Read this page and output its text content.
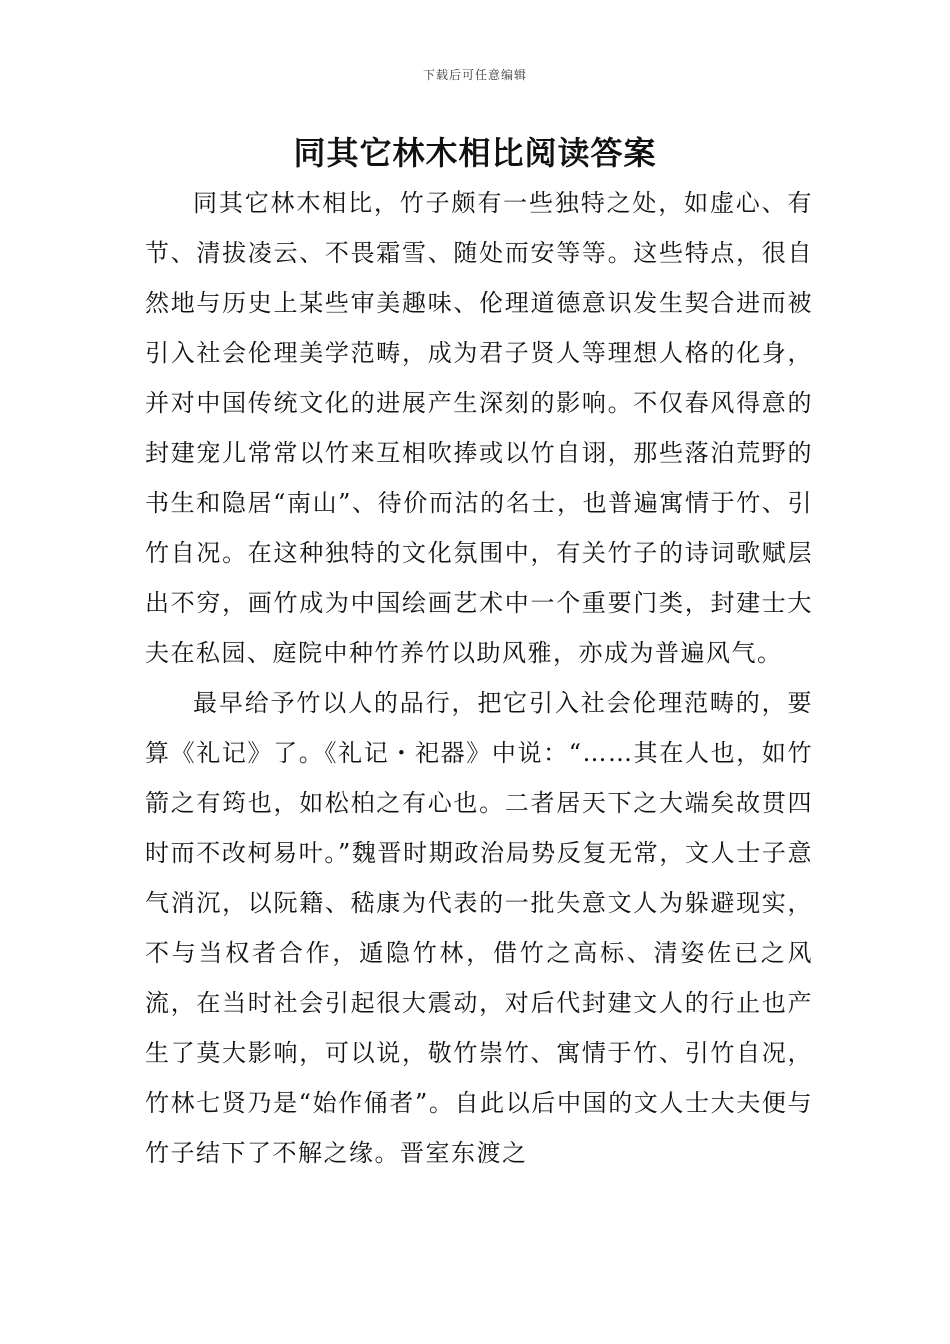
下载后可任意编辑
同其它林木相比阅读答案

同其它林木相比，竹子颇有一些独特之处，如虚心、有节、清拔凌云、不畏霜雪、随处而安等等。这些特点，很自然地与历史上某些审美趣味、伦理道德意识发生契合进而被引入社会伦理美学范畴，成为君子贤人等理想人格的化身，并对中国传统文化的进展产生深刻的影响。不仅春风得意的封建宠儿常常以竹来互相吹捧或以竹自诩，那些落泊荒野的书生和隐居“南山”、待价而沽的名士，也普遍寓情于竹、引竹自况。在这种独特的文化氛围中，有关竹子的诗词歌赋层出不穷，画竹成为中国绘画艺术中一个重要门类，封建士大夫在私园、庭院中种竹养竹以助风雅，亦成为普遍风气。

最早给予竹以人的品行，把它引入社会伦理范畴的，要算《礼记》了。《礼记・祀器》中说：“……其在人也，如竹箭之有筠也，如松柏之有心也。二者居天下之大端矣故贯四时而不改柯易叶。”魏晋时期政治局势反复无常，文人士子意气消沉，以阮籍、嵇康为代表的一批失意文人为躲避现实，不与当权者合作，遁隐竹林，借竹之高标、清姿佐已之风流，在当时社会引起很大震动，对后代封建文人的行止也产生了莫大影响，可以说，敬竹崇竹、寓情于竹、引竹自况，竹林七贤乃是“始作俑者”。自此以后中国的文人士大夫便与竹子结下了不解之缘。晋室东渡之
